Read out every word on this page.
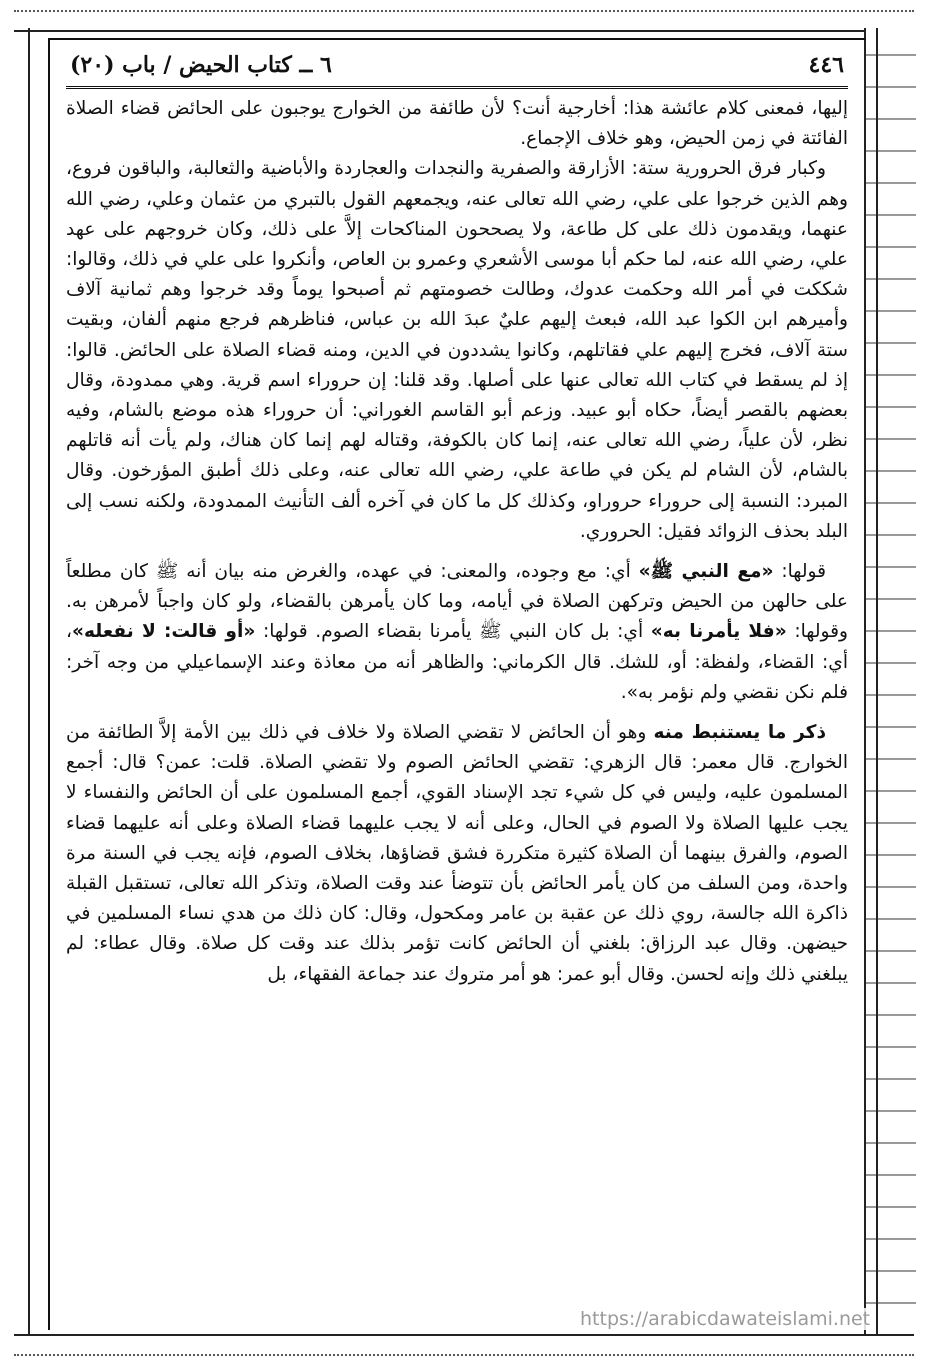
٤٤٦
٦ ــ كتاب الحيض / باب (٢٠)

إليها، فمعنى كلام عائشة هذا: أخارجية أنت؟ لأن طائفة من الخوارج يوجبون على الحائض قضاء الصلاة الفائتة في زمن الحيض، وهو خلاف الإجماع.

وكبار فرق الحرورية ستة: الأزارقة والصفرية والنجدات والعجاردة والأباضية والثعالبة، والباقون فروع، وهم الذين خرجوا على علي، رضي الله تعالى عنه، ويجمعهم القول بالتبري من عثمان وعلي، رضي الله عنهما، ويقدمون ذلك على كل طاعة، ولا يصححون المناكحات إلاَّ على ذلك، وكان خروجهم على عهد علي، رضي الله عنه، لما حكم أبا موسى الأشعري وعمرو بن العاص، وأنكروا على علي في ذلك، وقالوا: شككت في أمر الله وحكمت عدوك، وطالت خصومتهم ثم أصبحوا يوماً وقد خرجوا وهم ثمانية آلاف وأميرهم ابن الكوا عبد الله، فبعث إليهم عليٌ عبدَ الله بن عباس، فناظرهم فرجع منهم ألفان، وبقيت ستة آلاف، فخرج إليهم علي فقاتلهم، وكانوا يشددون في الدين، ومنه قضاء الصلاة على الحائض. قالوا: إذ لم يسقط في كتاب الله تعالى عنها على أصلها. وقد قلنا: إن حروراء اسم قرية. وهي ممدودة، وقال بعضهم بالقصر أيضاً، حكاه أبو عبيد. وزعم أبو القاسم الغوراني: أن حروراء هذه موضع بالشام، وفيه نظر، لأن علياً، رضي الله تعالى عنه، إنما كان بالكوفة، وقتاله لهم إنما كان هناك، ولم يأت أنه قاتلهم بالشام، لأن الشام لم يكن في طاعة علي، رضي الله تعالى عنه، وعلى ذلك أطبق المؤرخون. وقال المبرد: النسبة إلى حروراء حروراو، وكذلك كل ما كان في آخره ألف التأنيث الممدودة، ولكنه نسب إلى البلد بحذف الزوائد فقيل: الحروري.

قولها: «مع النبي ﷺ» أي: مع وجوده، والمعنى: في عهده، والغرض منه بيان أنه ﷺ كان مطلعاً على حالهن من الحيض وتركهن الصلاة في أيامه، وما كان يأمرهن بالقضاء، ولو كان واجباً لأمرهن به. وقولها: «فلا يأمرنا به» أي: بل كان النبي ﷺ يأمرنا بقضاء الصوم. قولها: «أو قالت: لا نفعله»، أي: القضاء، ولفظة: أو، للشك. قال الكرماني: والظاهر أنه من معاذة وعند الإسماعيلي من وجه آخر: فلم نكن نقضي ولم نؤمر به».

ذكر ما يستنبط منه وهو أن الحائض لا تقضي الصلاة ولا خلاف في ذلك بين الأمة إلاَّ الطائفة من الخوارج. قال معمر: قال الزهري: تقضي الحائض الصوم ولا تقضي الصلاة. قلت: عمن؟ قال: أجمع المسلمون عليه، وليس في كل شيء تجد الإسناد القوي، أجمع المسلمون على أن الحائض والنفساء لا يجب عليها الصلاة ولا الصوم في الحال، وعلى أنه لا يجب عليهما قضاء الصلاة وعلى أنه عليهما قضاء الصوم، والفرق بينهما أن الصلاة كثيرة متكررة فشق قضاؤها، بخلاف الصوم، فإنه يجب في السنة مرة واحدة، ومن السلف من كان يأمر الحائض بأن تتوضأ عند وقت الصلاة، وتذكر الله تعالى، تستقبل القبلة ذاكرة الله جالسة، روي ذلك عن عقبة بن عامر ومكحول، وقال: كان ذلك من هدي نساء المسلمين في حيضهن. وقال عبد الرزاق: بلغني أن الحائض كانت تؤمر بذلك عند وقت كل صلاة. وقال عطاء: لم يبلغني ذلك وإنه لحسن. وقال أبو عمر: هو أمر متروك عند جماعة الفقهاء، بل

https://arabicdawateislami.net
